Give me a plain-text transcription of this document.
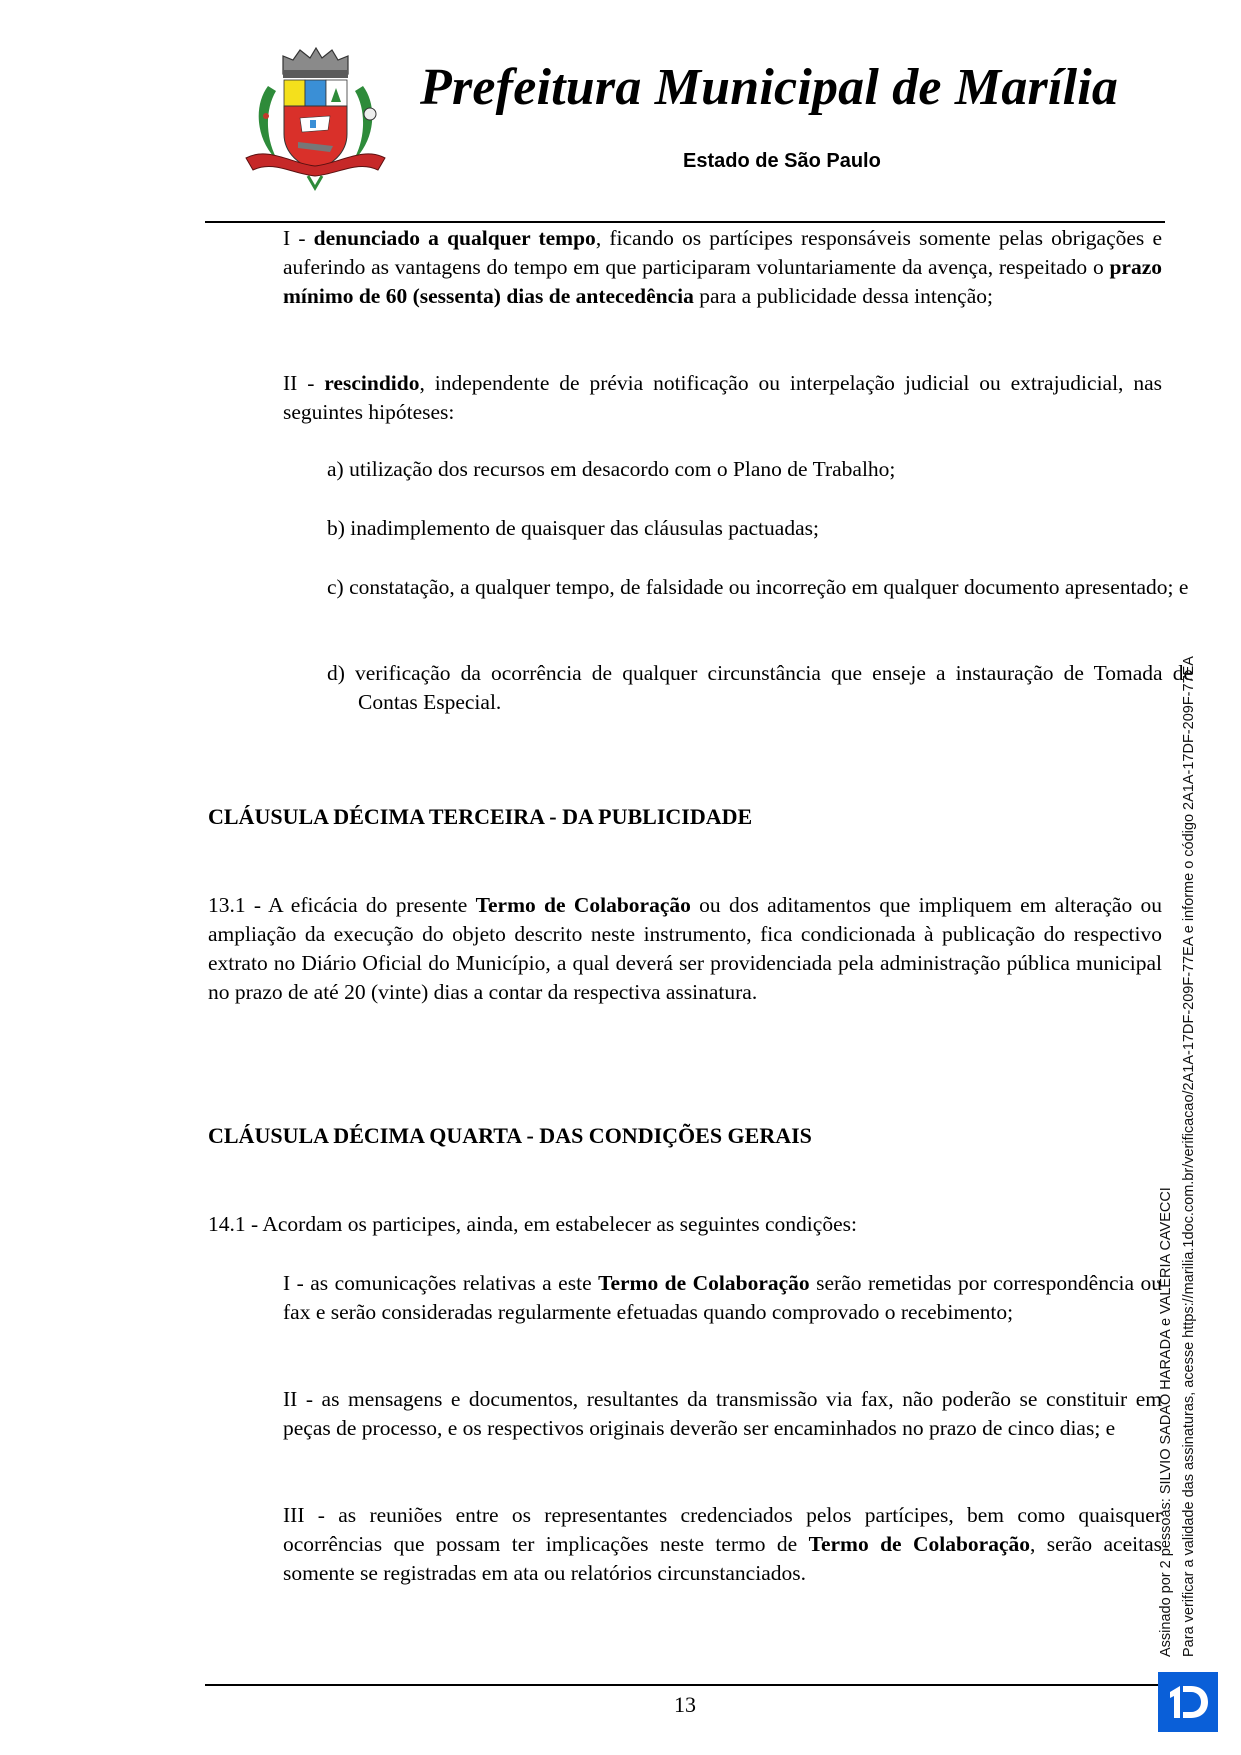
Prefeitura Municipal de Marília
Estado de São Paulo
I - denunciado a qualquer tempo, ficando os partícipes responsáveis somente pelas obrigações e auferindo as vantagens do tempo em que participaram voluntariamente da avença, respeitado o prazo mínimo de 60 (sessenta) dias de antecedência para a publicidade dessa intenção;
II - rescindido, independente de prévia notificação ou interpelação judicial ou extrajudicial, nas seguintes hipóteses:
a) utilização dos recursos em desacordo com o Plano de Trabalho;
b) inadimplemento de quaisquer das cláusulas pactuadas;
c) constatação, a qualquer tempo, de falsidade ou incorreção em qualquer documento apresentado; e
d) verificação da ocorrência de qualquer circunstância que enseje a instauração de Tomada de Contas Especial.
CLÁUSULA DÉCIMA TERCEIRA - DA PUBLICIDADE
13.1 - A eficácia do presente Termo de Colaboração ou dos aditamentos que impliquem em alteração ou ampliação da execução do objeto descrito neste instrumento, fica condicionada à publicação do respectivo extrato no Diário Oficial do Município, a qual deverá ser providenciada pela administração pública municipal no prazo de até 20 (vinte) dias a contar da respectiva assinatura.
CLÁUSULA DÉCIMA QUARTA - DAS CONDIÇÕES GERAIS
14.1 - Acordam os participes, ainda, em estabelecer as seguintes condições:
I - as comunicações relativas a este Termo de Colaboração serão remetidas por correspondência ou fax e serão consideradas regularmente efetuadas quando comprovado o recebimento;
II - as mensagens e documentos, resultantes da transmissão via fax, não poderão se constituir em peças de processo, e os respectivos originais deverão ser encaminhados no prazo de cinco dias; e
III - as reuniões entre os representantes credenciados pelos partícipes, bem como quaisquer ocorrências que possam ter implicações neste termo de Termo de Colaboração, serão aceitas somente se registradas em ata ou relatórios circunstanciados.
13
Assinado por 2 pessoas: SILVIO SADAO HARADA e VALÉRIA CAVECCI Para verificar a validade das assinaturas, acesse https://marilia.1doc.com.br/verificacao/2A1A-17DF-209F-77EA e informe o código 2A1A-17DF-209F-77EA
